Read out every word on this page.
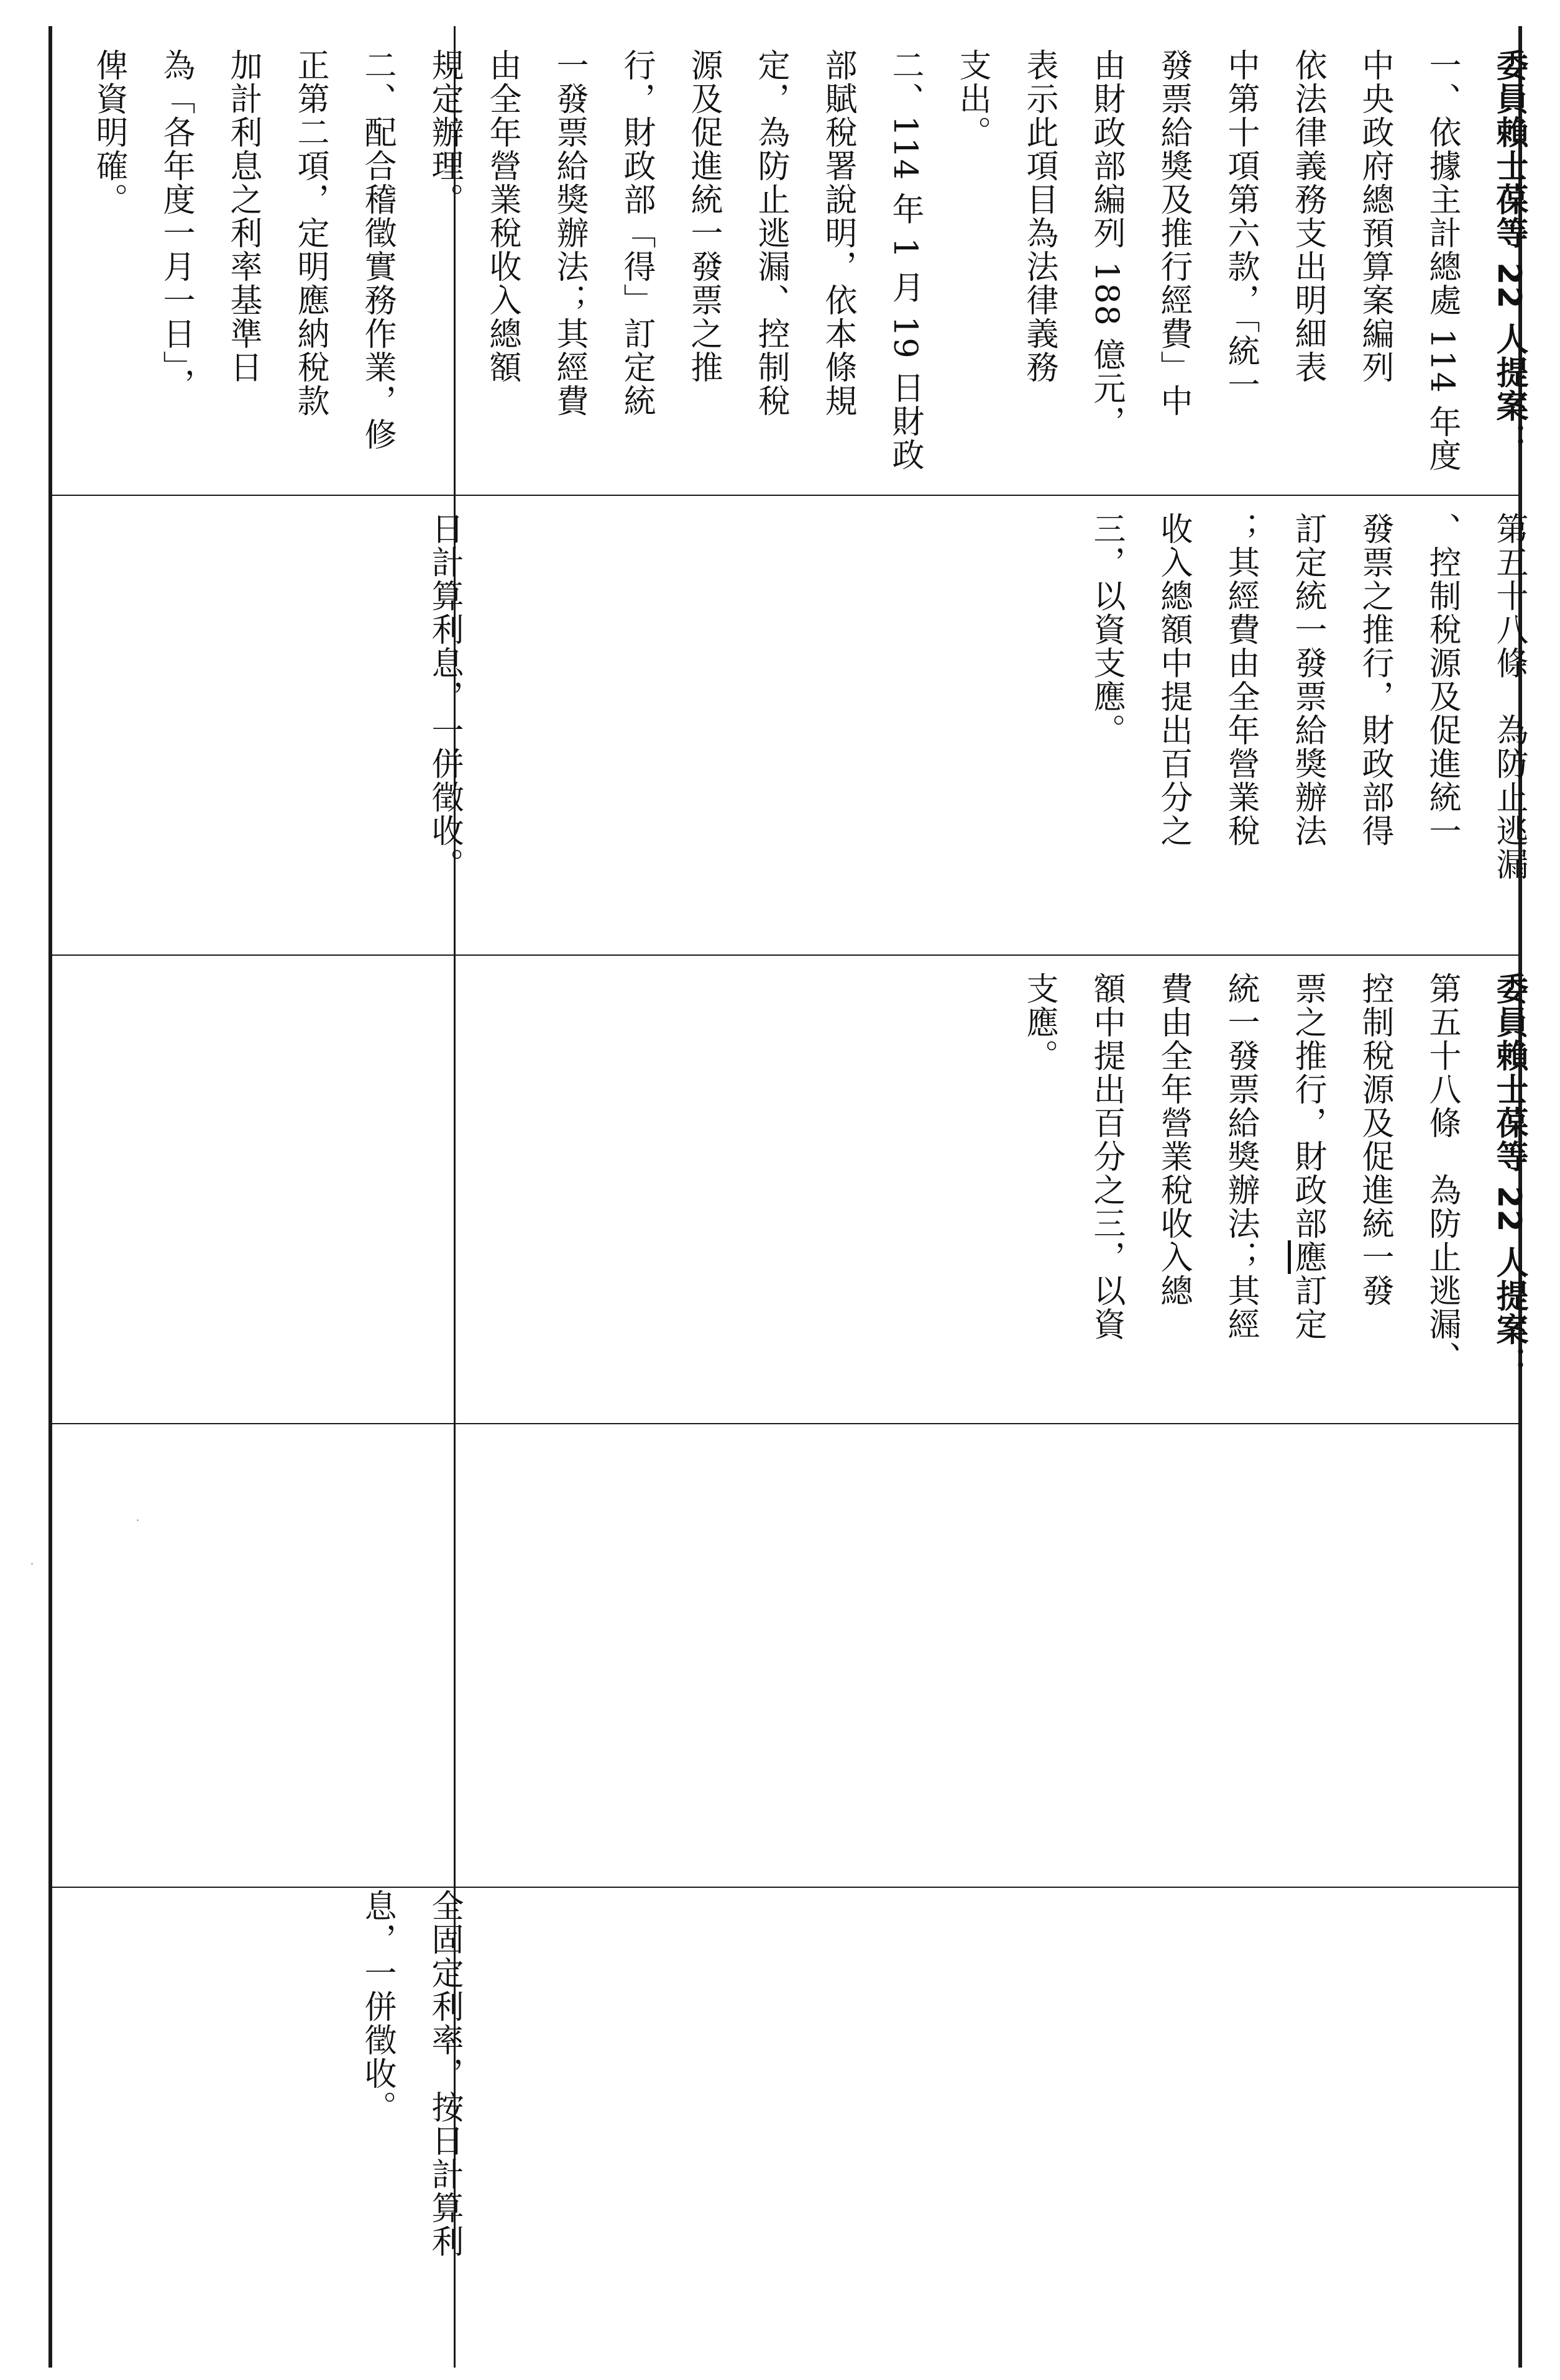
規定辦理。

二、配合稽徵實務作業，修

正第二項，定明應納稅款

加計利息之利率基準日

為「各年度一月一日」，

俾資明確。

日計算利息，一併徵收。

全固定利率，按日計算利

息，一併徵收。

委員賴士葆等 22 人提案：

一、依據主計總處 114 年度

中央政府總預算案編列

依法律義務支出明細表

中第十項第六款，「統一

發票給獎及推行經費」中

由財政部編列 188 億元，

表示此項目為法律義務

支出。

二、114 年 1 月 19 日財政

部賦稅署說明，依本條規

定，為防止逃漏、控制稅

源及促進統一發票之推

行，財政部「得」訂定統

一發票給獎辦法；其經費

由全年營業稅收入總額

第五十八條　為防止逃漏

、控制稅源及促進統一

發票之推行，財政部得

訂定統一發票給獎辦法

；其經費由全年營業稅

收入總額中提出百分之

三，以資支應。

委員賴士葆等 22 人提案：

第五十八條　為防止逃漏、

控制稅源及促進統一發

票之推行，財政部應訂定

統一發票給獎辦法；其經

費由全年營業稅收入總

額中提出百分之三，以資

支應。
